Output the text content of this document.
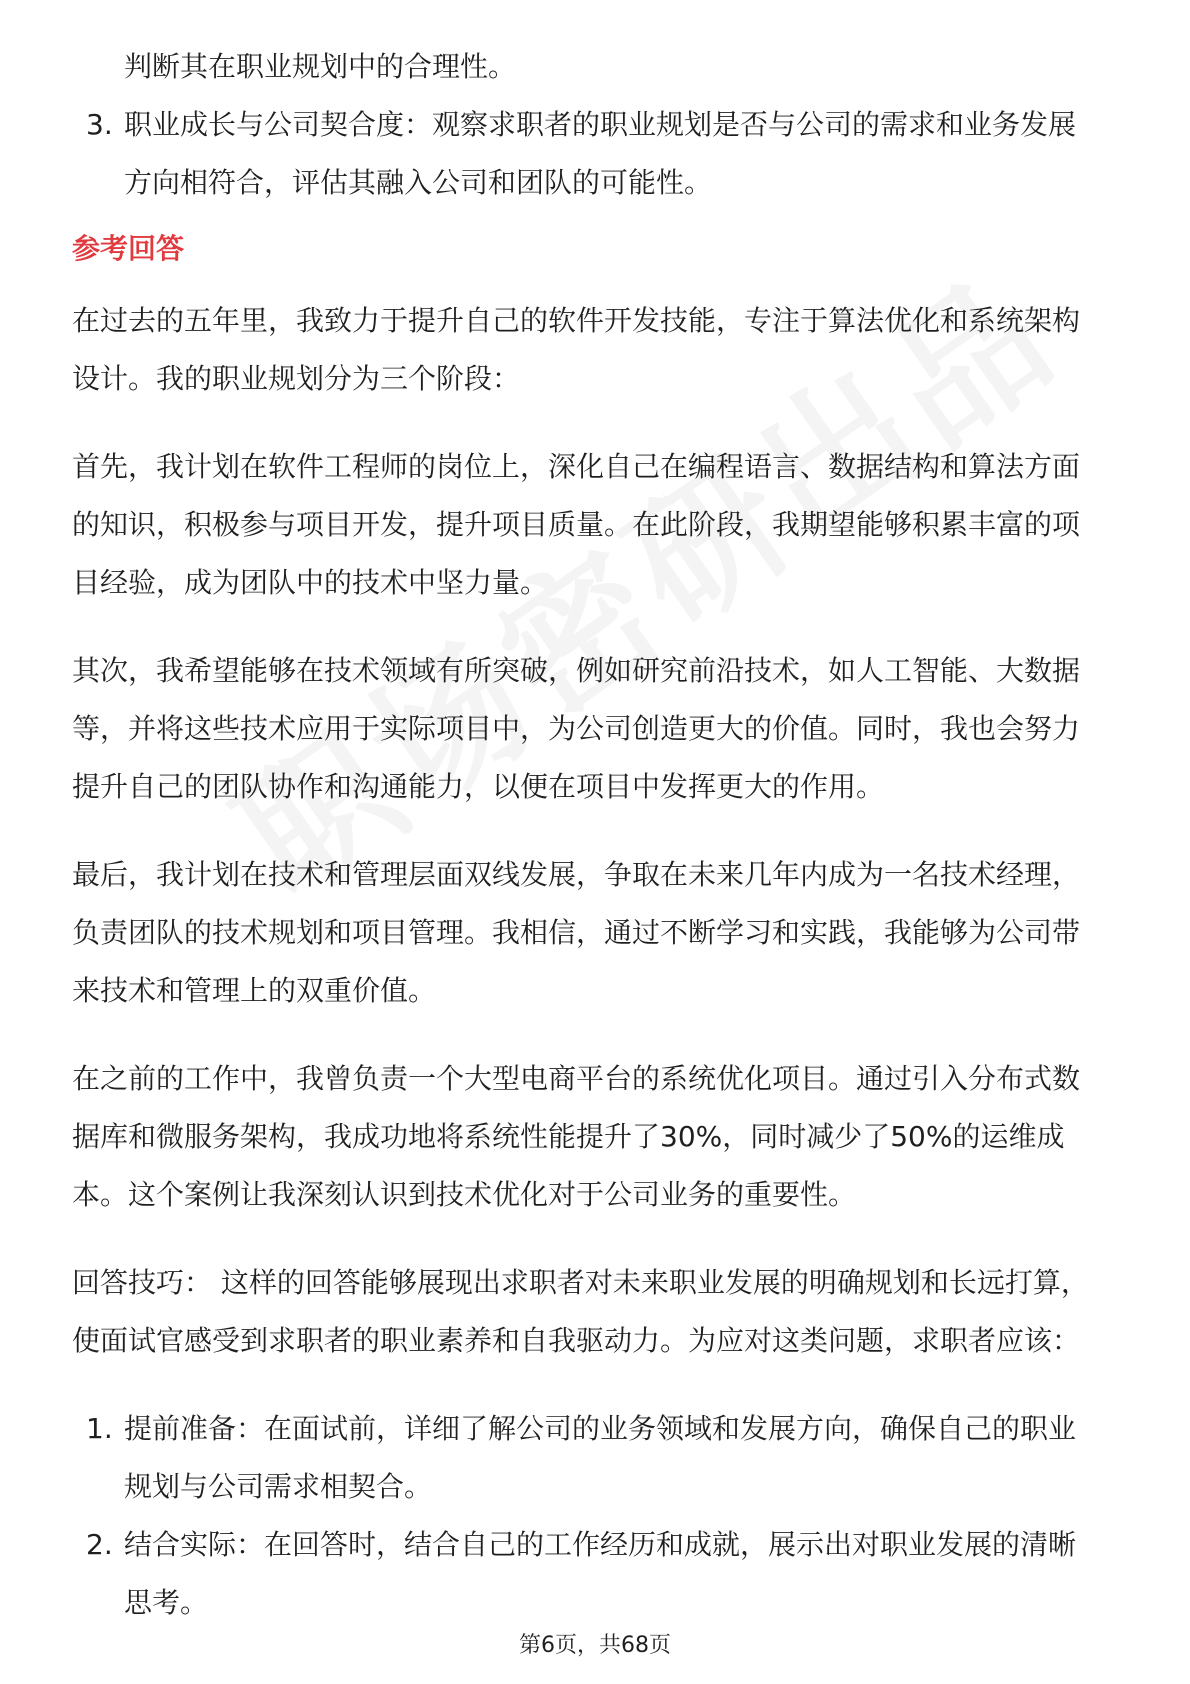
判断其在职业规划中的合理性。
3. 职业成长与公司契合度：观察求职者的职业规划是否与公司的需求和业务发展
方向相符合，评估其融入公司和团队的可能性。
参考回答
在过去的五年里，我致力于提升自己的软件开发技能，专注于算法优化和系统架构
设计。我的职业规划分为三个阶段：
首先，我计划在软件工程师的岗位上，深化自己在编程语言、数据结构和算法方面
的知识，积极参与项目开发，提升项目质量。在此阶段，我期望能够积累丰富的项
目经验，成为团队中的技术中坚力量。
其次，我希望能够在技术领域有所突破，例如研究前沿技术，如人工智能、大数据
等，并将这些技术应用于实际项目中，为公司创造更大的价值。同时，我也会努力
提升自己的团队协作和沟通能力，以便在项目中发挥更大的作用。
最后，我计划在技术和管理层面双线发展，争取在未来几年内成为一名技术经理，
负责团队的技术规划和项目管理。我相信，通过不断学习和实践，我能够为公司带
来技术和管理上的双重价值。
在之前的工作中，我曾负责一个大型电商平台的系统优化项目。通过引入分布式数
据库和微服务架构，我成功地将系统性能提升了30%，同时减少了50%的运维成
本。这个案例让我深刻认识到技术优化对于公司业务的重要性。
回答技巧： 这样的回答能够展现出求职者对未来职业发展的明确规划和长远打算，
使面试官感受到求职者的职业素养和自我驱动力。为应对这类问题，求职者应该：
1. 提前准备：在面试前，详细了解公司的业务领域和发展方向，确保自己的职业
规划与公司需求相契合。
2. 结合实际：在回答时，结合自己的工作经历和成就，展示出对职业发展的清晰
思考。
第6页，共68页
